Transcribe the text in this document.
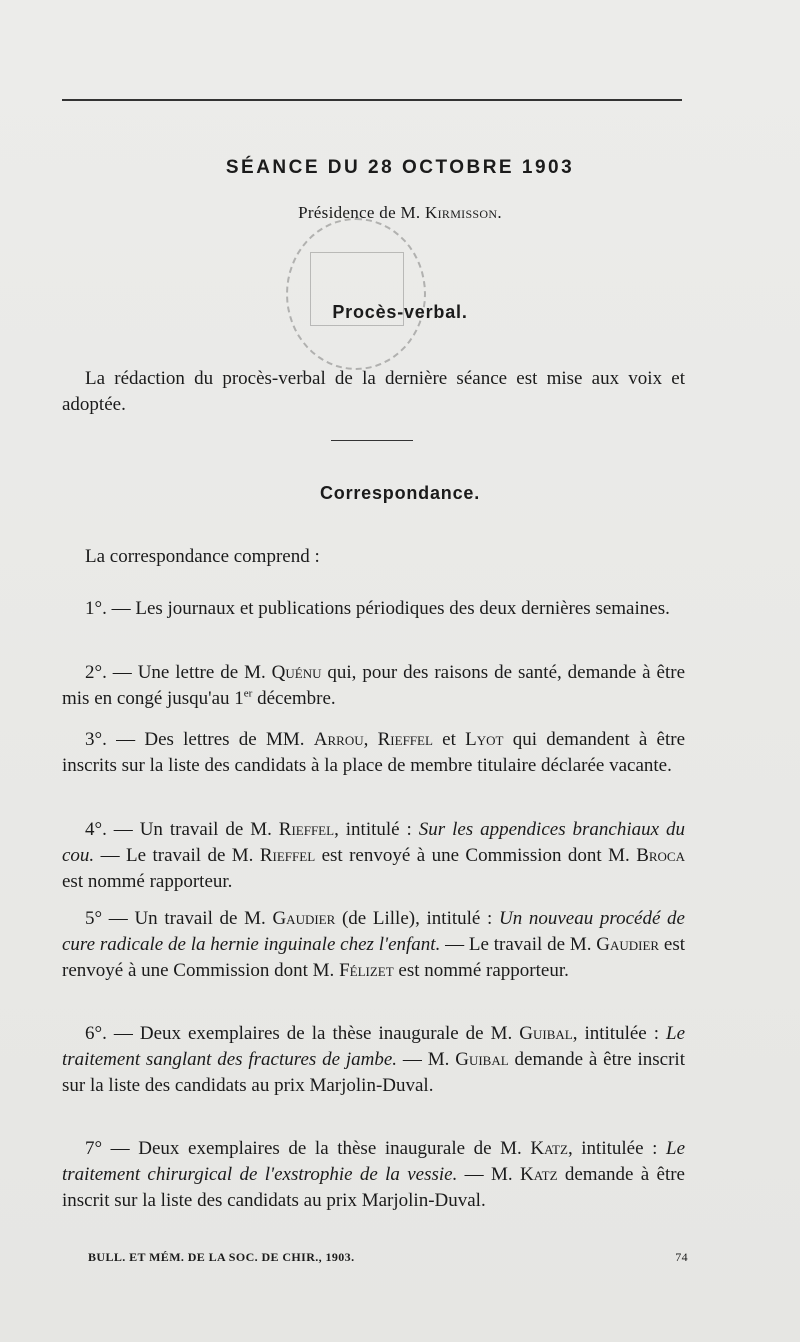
SÉANCE DU 28 OCTOBRE 1903
Présidence de M. Kirmisson.
Procès-verbal.
La rédaction du procès-verbal de la dernière séance est mise aux voix et adoptée.
Correspondance.
La correspondance comprend :
1°. — Les journaux et publications périodiques des deux dernières semaines.
2°. — Une lettre de M. Quénu qui, pour des raisons de santé, demande à être mis en congé jusqu'au 1er décembre.
3°. — Des lettres de MM. Arrou, Rieffel et Lyot qui demandent à être inscrits sur la liste des candidats à la place de membre titulaire déclarée vacante.
4°. — Un travail de M. Rieffel, intitulé : Sur les appendices branchiaux du cou. — Le travail de M. Rieffel est renvoyé à une Commission dont M. Broca est nommé rapporteur.
5° — Un travail de M. Gaudier (de Lille), intitulé : Un nouveau procédé de cure radicale de la hernie inguinale chez l'enfant. — Le travail de M. Gaudier est renvoyé à une Commission dont M. Félizet est nommé rapporteur.
6°. — Deux exemplaires de la thèse inaugurale de M. Guibal, intitulée : Le traitement sanglant des fractures de jambe. — M. Guibal demande à être inscrit sur la liste des candidats au prix Marjolin-Duval.
7° — Deux exemplaires de la thèse inaugurale de M. Katz, intitulée : Le traitement chirurgical de l'exstrophie de la vessie. — M. Katz demande à être inscrit sur la liste des candidats au prix Marjolin-Duval.
BULL. ET MÉM. DE LA SOC. DE CHIR., 1903.	74
